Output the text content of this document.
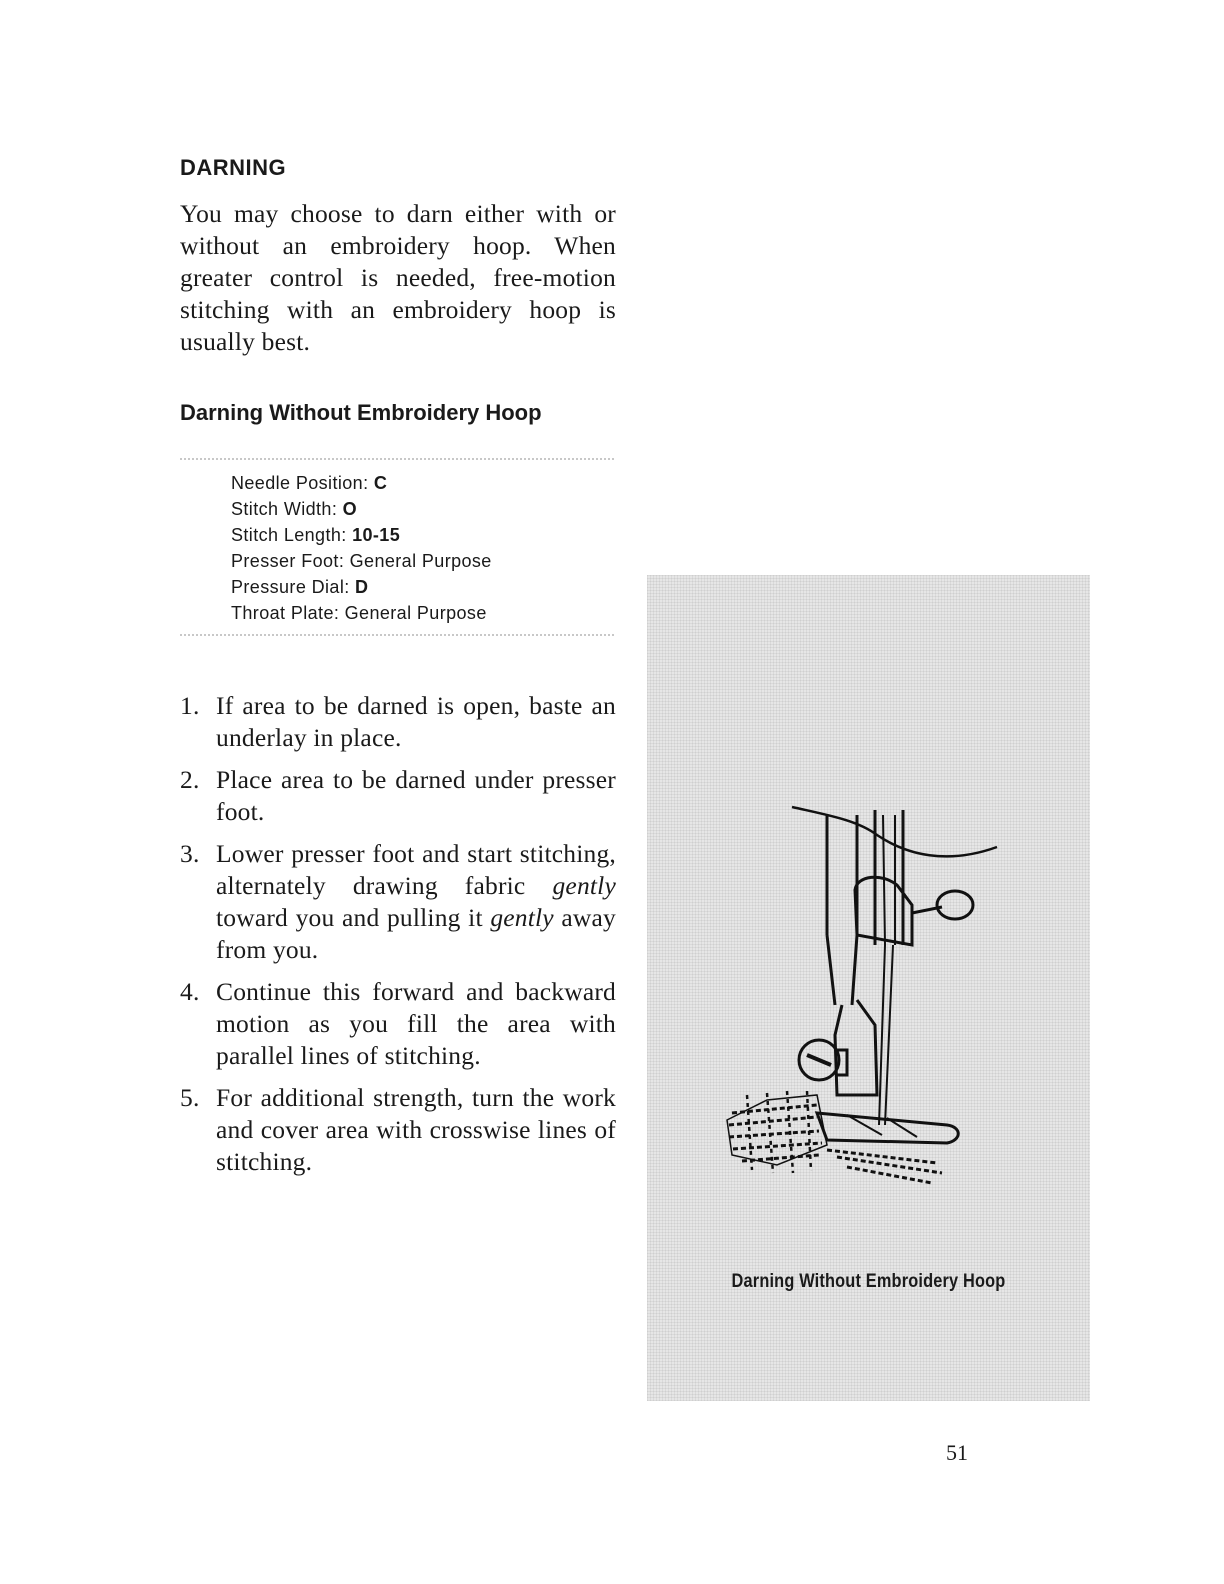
DARNING

You may choose to darn either with or without an embroidery hoop. When greater control is needed, free-motion stitching with an embroidery hoop is usually best.

Darning Without Embroidery Hoop
Needle Position: C
Stitch Width: O
Stitch Length: 10-15
Presser Foot: General Purpose
Pressure Dial: D
Throat Plate: General Purpose
1. If area to be darned is open, baste an underlay in place.
2. Place area to be darned under presser foot.
3. Lower presser foot and start stitching, alternately drawing fabric gently toward you and pulling it gently away from you.
4. Continue this forward and backward motion as you fill the area with parallel lines of stitching.
5. For additional strength, turn the work and cover area with crosswise lines of stitching.
Darning Without Embroidery Hoop
51
